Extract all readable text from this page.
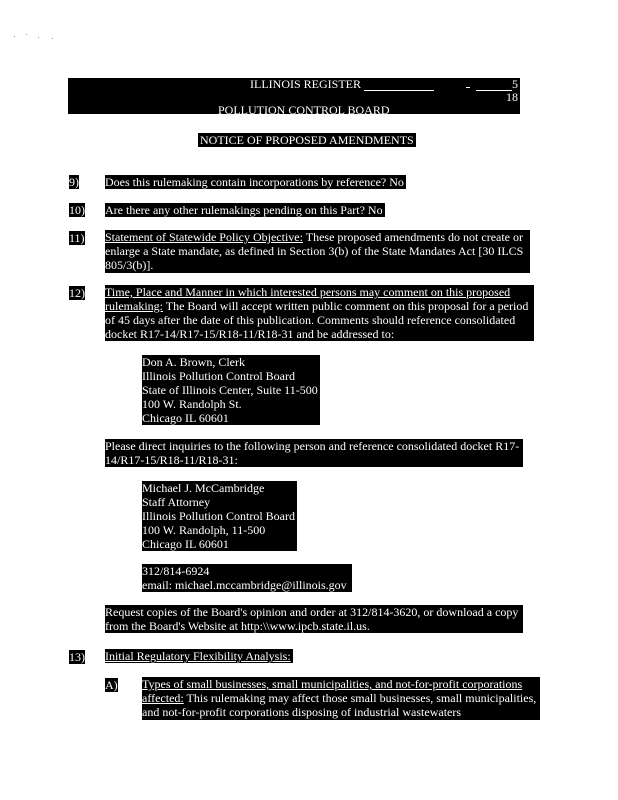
ILLINOIS REGISTER	5
18
POLLUTION CONTROL BOARD
NOTICE OF PROPOSED AMENDMENTS
9) Does this rulemaking contain incorporations by reference? No
10) Are there any other rulemakings pending on this Part? No
11) Statement of Statewide Policy Objective: These proposed amendments do not create or enlarge a State mandate, as defined in Section 3(b) of the State Mandates Act [30 ILCS 805/3(b)].
12) Time, Place and Manner in which interested persons may comment on this proposed rulemaking: The Board will accept written public comment on this proposal for a period of 45 days after the date of this publication. Comments should reference consolidated docket R17-14/R17-15/R18-11/R18-31 and be addressed to:
Don A. Brown, Clerk
Illinois Pollution Control Board
State of Illinois Center, Suite 11-500
100 W. Randolph St.
Chicago IL 60601
Please direct inquiries to the following person and reference consolidated docket R17-14/R17-15/R18-11/R18-31:
Michael J. McCambridge
Staff Attorney
Illinois Pollution Control Board
100 W. Randolph, 11-500
Chicago IL 60601
312/814-6924
email: michael.mccambridge@illinois.gov
Request copies of the Board's opinion and order at 312/814-3620, or download a copy from the Board's Website at http:\\www.ipcb.state.il.us.
13) Initial Regulatory Flexibility Analysis:
A) Types of small businesses, small municipalities, and not-for-profit corporations affected: This rulemaking may affect those small businesses, small municipalities, and not-for-profit corporations disposing of industrial wastewaters
